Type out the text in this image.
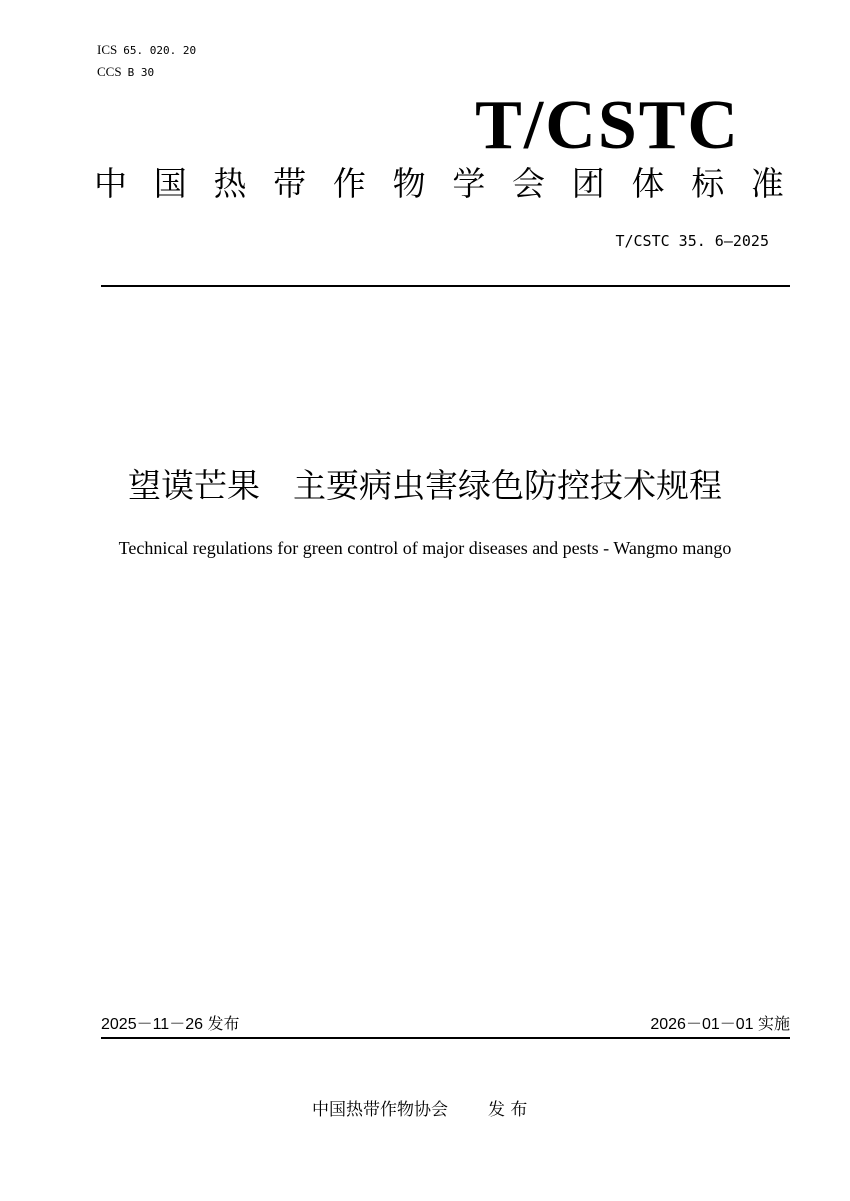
ICS 65. 020. 20
CCS B 30
T/CSTC
中 国 热 带 作 物 学 会 团 体 标 准
T/CSTC 35. 6—2025
望谟芒果　主要病虫害绿色防控技术规程
Technical regulations for green control of major diseases and pests - Wangmo mango
2025－11－26 发布	2026－01－01 实施
中国热带作物协会 发 布
